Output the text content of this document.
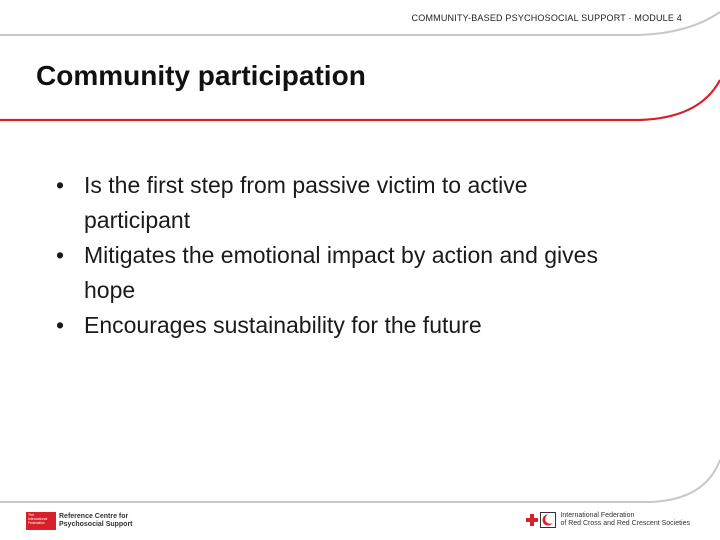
COMMUNITY-BASED PSYCHOSOCIAL SUPPORT · MODULE 4
Community participation
• Is the first step from passive victim to active participant
• Mitigates the emotional impact by action and gives hope
• Encourages sustainability for the future
The International Federation
Reference Centre for
Psychosocial Support
International Federation
of Red Cross and Red Crescent Societies
